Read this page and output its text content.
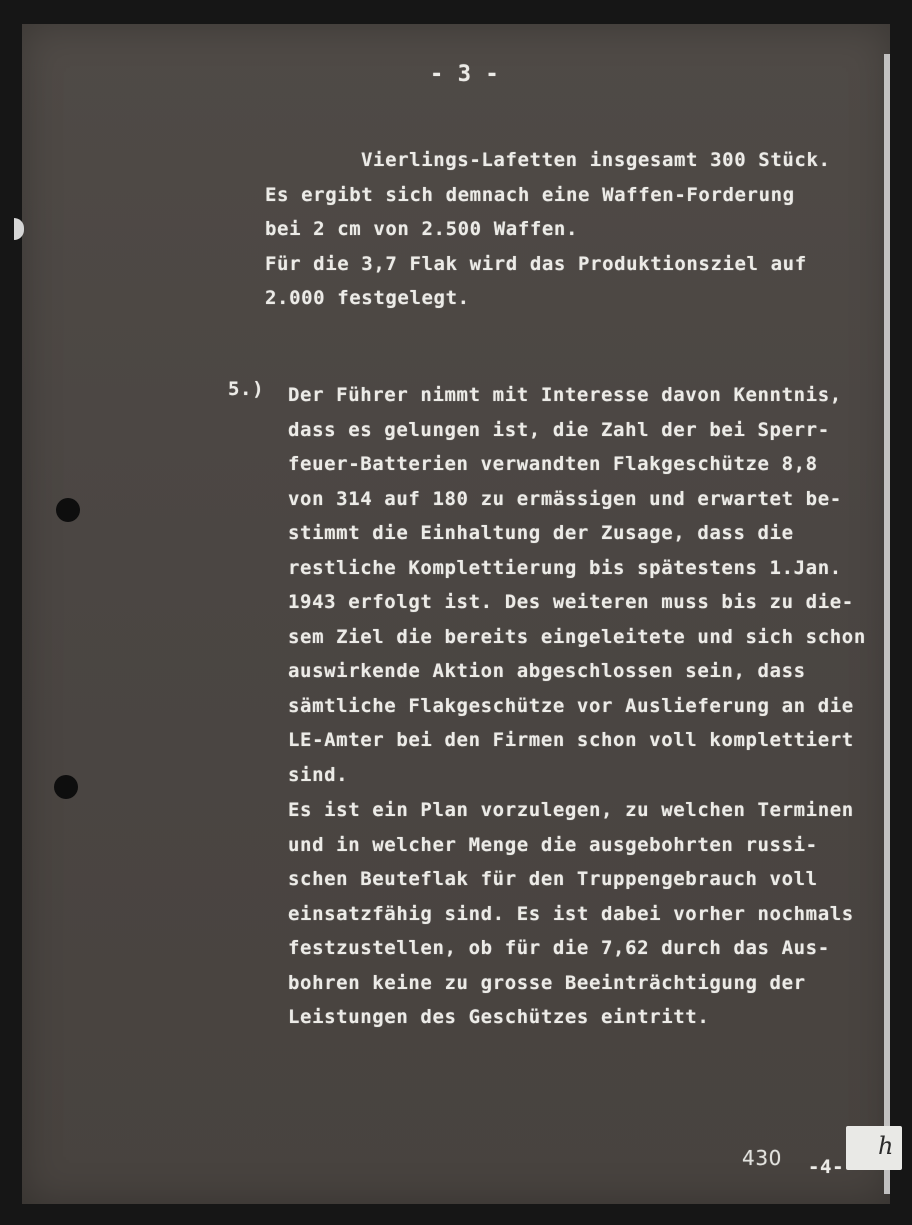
- 3 -
Vierlings-Lafetten insgesamt 300 Stück.
Es ergibt sich demnach eine Waffen-Forderung
bei 2 cm von 2.500 Waffen.
Für die 3,7 Flak wird das Produktionsziel auf
2.000 festgelegt.
5.) Der Führer nimmt mit Interesse davon Kenntnis,
dass es gelungen ist, die Zahl der bei Sperr-
feuer-Batterien verwandten Flakgeschütze 8,8
von 314 auf 180 zu ermässigen und erwartet be-
stimmt die Einhaltung der Zusage, dass die
restliche Komplettierung bis spätestens 1.Jan.
1943 erfolgt ist. Des weiteren muss bis zu die-
sem Ziel die bereits eingeleitete und sich schon
auswirkende Aktion abgeschlossen sein, dass
sämtliche Flakgeschütze vor Auslieferung an die
LE-Amter bei den Firmen schon voll komplettiert
sind.
Es ist ein Plan vorzulegen, zu welchen Terminen
und in welcher Menge die ausgebohrten russi-
schen Beuteflak für den Truppengebrauch voll
einsatzfähig sind. Es ist dabei vorher nochmals
festzustellen, ob für die 7,62 durch das Aus-
bohren keine zu grosse Beeinträchtigung der
Leistungen des Geschützes eintritt.
430 -4-
h
